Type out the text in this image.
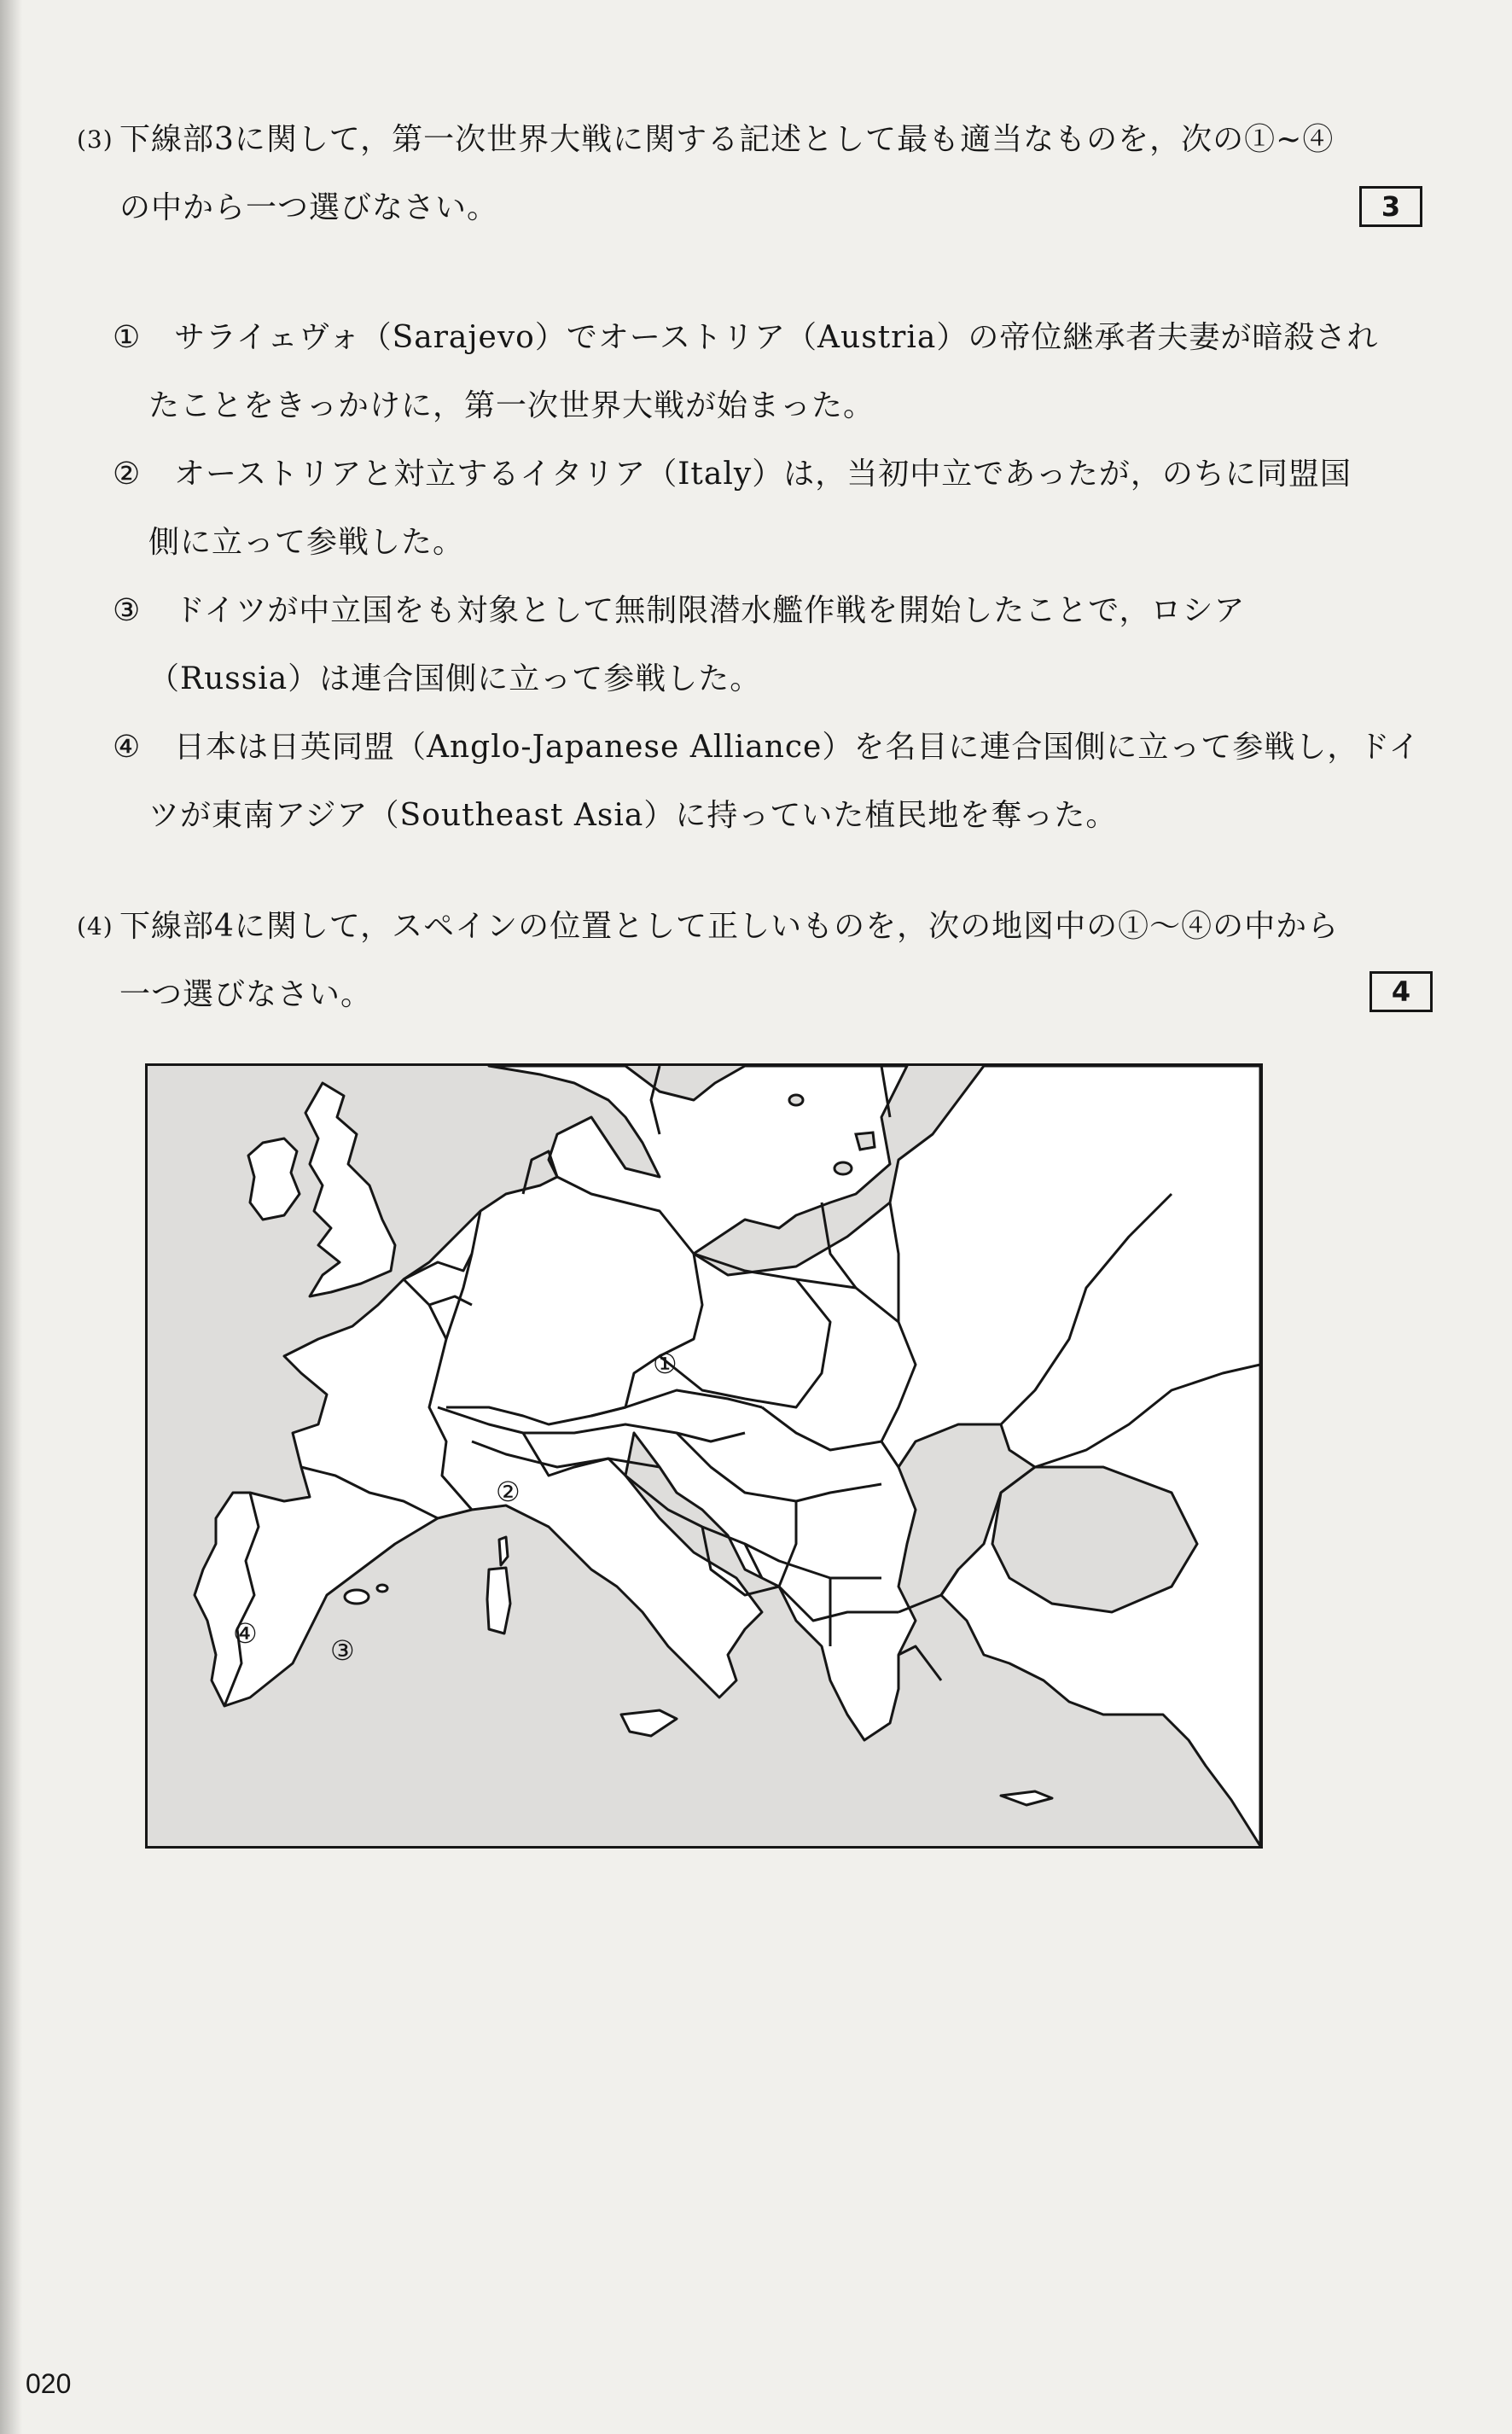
(3) 下線部3に関して，第一次世界大戦に関する記述として最も適当なものを，次の①~④
の中から一つ選びなさい。	3
① サライェヴォ（Sarajevo）でオーストリア（Austria）の帝位継承者夫妻が暗殺され
たことをきっかけに，第一次世界大戦が始まった。
② オーストリアと対立するイタリア（Italy）は，当初中立であったが，のちに同盟国
側に立って参戦した。
③ ドイツが中立国をも対象として無制限潜水艦作戦を開始したことで，ロシア
（Russia）は連合国側に立って参戦した。
④ 日本は日英同盟（Anglo-Japanese Alliance）を名目に連合国側に立って参戦し，ドイ
ツが東南アジア（Southeast Asia）に持っていた植民地を奪った。
(4) 下線部4に関して，スペインの位置として正しいものを，次の地図中の①～④の中から
一つ選びなさい。	4
①
②
③
④
020
